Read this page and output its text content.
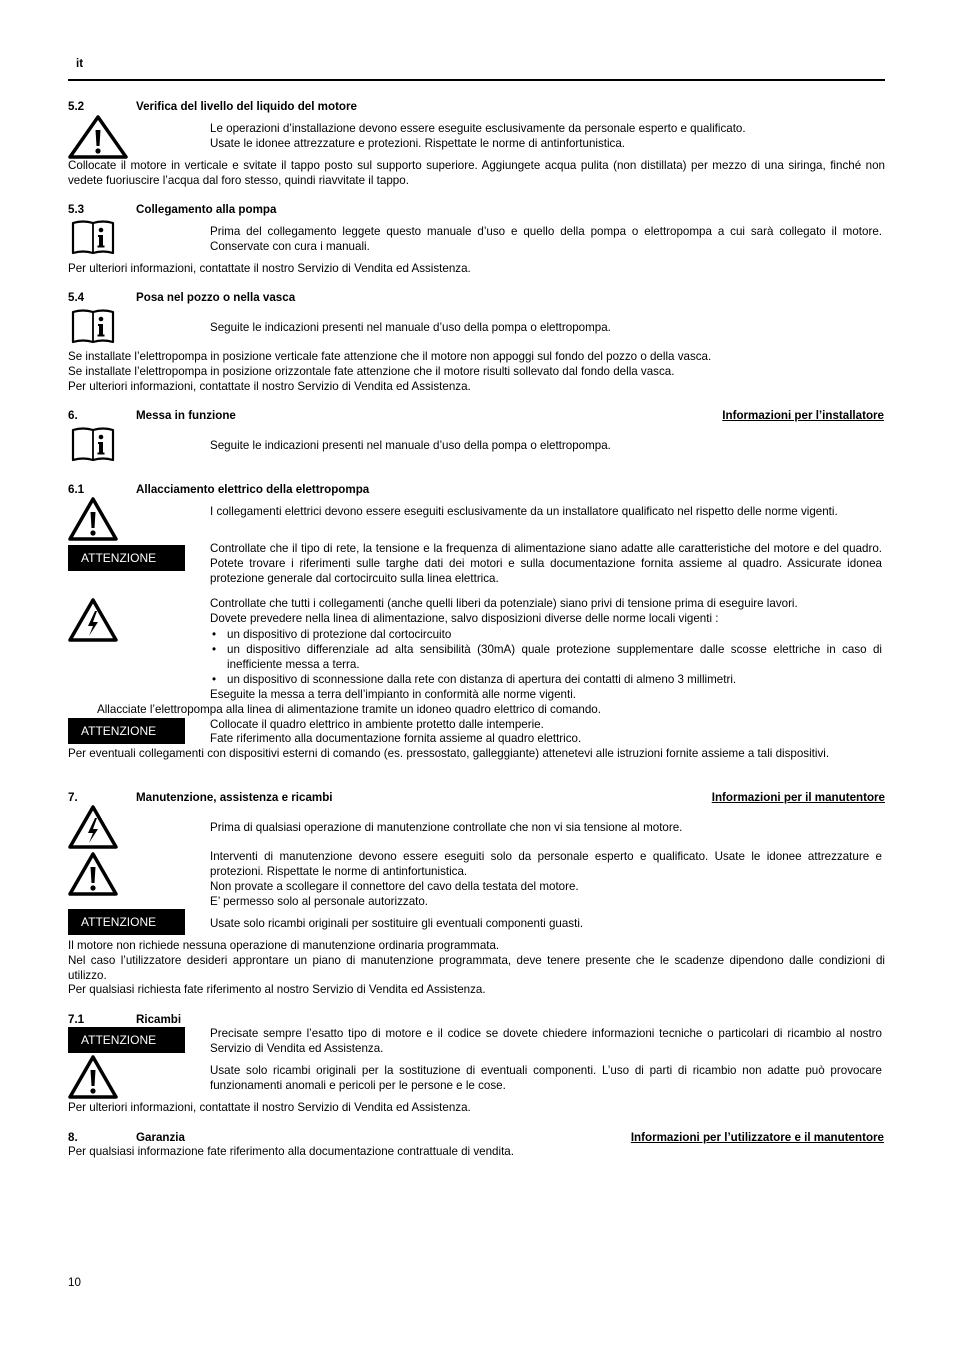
it
5.2	Verifica del livello del liquido del motore
Le operazioni d’installazione devono essere eseguite esclusivamente da personale esperto e qualificato.
Usate le idonee attrezzature e protezioni. Rispettate le norme di antinfortunistica.
Collocate il motore in verticale e svitate il tappo posto sul supporto superiore. Aggiungete acqua pulita (non distillata) per mezzo di una siringa, finché non vedete fuoriuscire l’acqua dal foro stesso, quindi riavvitate il tappo.
5.3	Collegamento alla pompa
Prima del collegamento leggete questo manuale d’uso e quello della pompa o elettropompa a cui sarà collegato il motore. Conservate con cura i manuali.
Per ulteriori informazioni, contattate il nostro Servizio di Vendita ed Assistenza.
5.4	Posa nel pozzo o nella vasca
Seguite le indicazioni presenti nel manuale d’uso della pompa o elettropompa.
Se installate l’elettropompa in posizione verticale fate attenzione che il motore non appoggi sul fondo del pozzo o della vasca.
Se installate l’elettropompa in posizione orizzontale fate attenzione che il motore risulti sollevato dal fondo della vasca.
Per ulteriori informazioni, contattate il nostro Servizio di Vendita ed Assistenza.
6.	Messa in funzione	Informazioni per l’installatore
Seguite le indicazioni presenti nel manuale d’uso della pompa o elettropompa.
6.1	Allacciamento elettrico della elettropompa
I collegamenti elettrici devono essere eseguiti esclusivamente da un installatore qualificato nel rispetto delle norme vigenti.
ATTENZIONE
Controllate che il tipo di rete, la tensione e la frequenza di alimentazione siano adatte alle caratteristiche del motore e del quadro. Potete trovare i riferimenti sulle targhe dati dei motori e sulla documentazione fornita assieme al quadro. Assicurate idonea protezione generale dal cortocircuito sulla linea elettrica.
Controllate che tutti i collegamenti (anche quelli liberi da potenziale) siano privi di tensione prima di eseguire lavori.
Dovete prevedere nella linea di alimentazione, salvo disposizioni diverse delle norme locali vigenti :
• un dispositivo di protezione dal cortocircuito
• un dispositivo differenziale ad alta sensibilità (30mA) quale protezione supplementare dalle scosse elettriche in caso di inefficiente messa a terra.
• un dispositivo di sconnessione dalla rete con distanza di apertura dei contatti di almeno 3 millimetri.
Eseguite la messa a terra dell’impianto in conformità alle norme vigenti.
Allacciate l’elettropompa alla linea di alimentazione tramite un idoneo quadro elettrico di comando.
ATTENZIONE	Collocate il quadro elettrico in ambiente protetto dalle intemperie.
Fate riferimento alla documentazione fornita assieme al quadro elettrico.
Per eventuali collegamenti con dispositivi esterni di comando (es. pressostato, galleggiante) attenetevi alle istruzioni fornite assieme a tali dispositivi.
7.	Manutenzione, assistenza e ricambi	Informazioni per il manutentore
Prima di qualsiasi operazione di manutenzione controllate che non vi sia tensione al motore.
Interventi di manutenzione devono essere eseguiti solo da personale esperto e qualificato. Usate le idonee attrezzature e protezioni. Rispettate le norme di antinfortunistica.
Non provate a scollegare il connettore del cavo della testata del motore.
E’ permesso solo al personale autorizzato.
ATTENZIONE	Usate solo ricambi originali per sostituire gli eventuali componenti guasti.
Il motore non richiede nessuna operazione di manutenzione ordinaria programmata.
Nel caso l’utilizzatore desideri approntare un piano di manutenzione programmata, deve tenere presente che le scadenze dipendono dalle condizioni di utilizzo.
Per qualsiasi richiesta fate riferimento al nostro Servizio di Vendita ed Assistenza.
7.1	Ricambi
ATTENZIONE	Precisate sempre l’esatto tipo di motore e il codice se dovete chiedere informazioni tecniche o particolari di ricambio al nostro Servizio di Vendita ed Assistenza.
Usate solo ricambi originali per la sostituzione di eventuali componenti. L’uso di parti di ricambio non adatte può provocare funzionamenti anomali e pericoli per le persone e le cose.
Per ulteriori informazioni, contattate il nostro Servizio di Vendita ed Assistenza.
8.	Garanzia	Informazioni per l’utilizzatore e il manutentore
Per qualsiasi informazione fate riferimento alla documentazione contrattuale di vendita.
10
